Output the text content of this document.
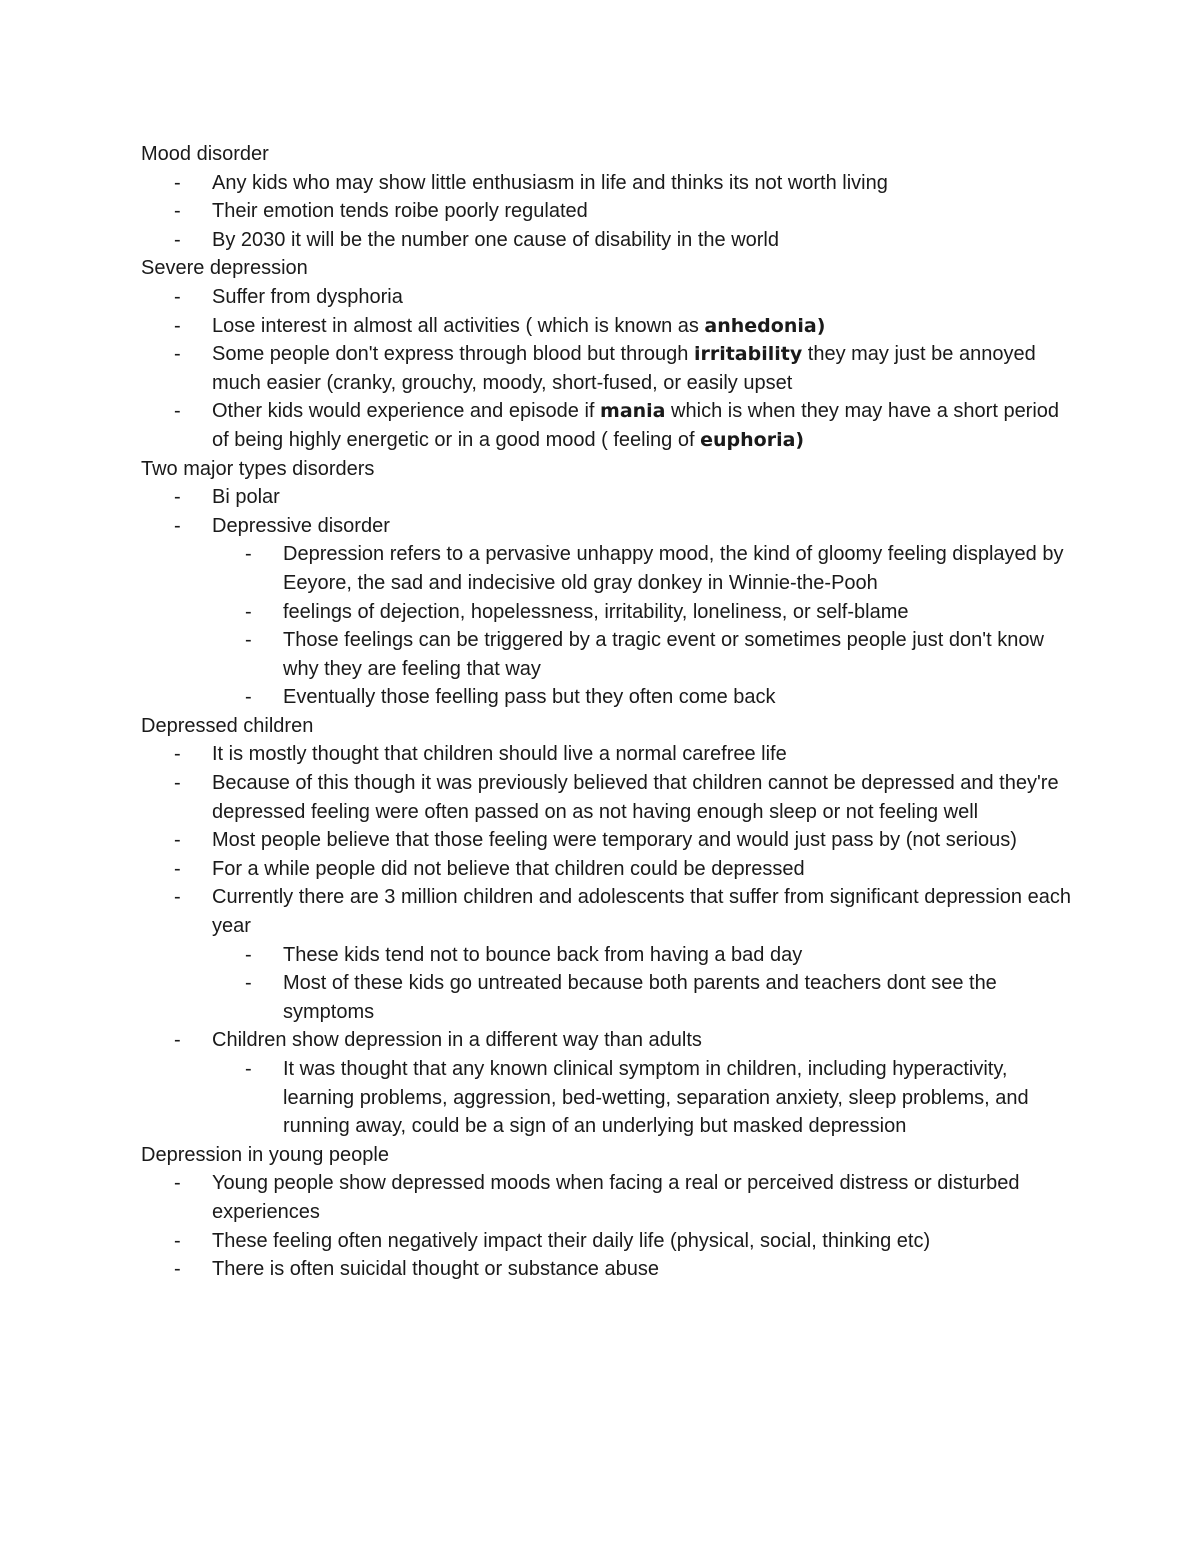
Mood disorder

- Any kids who may show little enthusiasm in life and thinks its not worth living
- Their emotion tends roibe poorly regulated
- By 2030 it will be the number one cause of disability in the world

Severe depression

- Suffer from dysphoria
- Lose interest in almost all activities ( which is known as anhedonia)
- Some people don't express through blood but through irritability they may just be annoyed much easier (cranky, grouchy, moody, short-fused, or easily upset
- Other kids would experience and episode if mania which is when they may have a short period of being highly energetic or in a good mood ( feeling of euphoria)

Two major types disorders

- Bi polar
- Depressive disorder
- Depression refers to a pervasive unhappy mood, the kind of gloomy feeling displayed by Eeyore, the sad and indecisive old gray donkey in Winnie-the-Pooh
- feelings of dejection, hopelessness, irritability, loneliness, or self-blame
- Those feelings can be triggered by a tragic event or sometimes people just don't know why they are feeling that way
- Eventually those feelling pass but they often come back

Depressed children

- It is mostly thought that children should live a normal carefree life
- Because of this though it was previously believed that children cannot be depressed and they're depressed feeling were often passed on as not having enough sleep or not feeling well
- Most people believe that those feeling were temporary and would just pass by (not serious)
- For a while people did not believe that children could be depressed
- Currently there are 3 million children and adolescents that suffer from significant depression each year
- These kids tend not to bounce back from having a bad day
- Most of these kids go untreated because both parents and teachers dont see the symptoms
- Children show depression in a different way than adults
- It was thought that any known clinical symptom in children, including hyperactivity, learning problems, aggression, bed-wetting, separation anxiety, sleep problems, and running away, could be a sign of an underlying but masked depression

Depression in young people

- Young people show depressed moods when facing a real or perceived distress or disturbed experiences
- These feeling often negatively impact their daily life (physical, social, thinking etc)
- There is often suicidal thought or substance abuse
